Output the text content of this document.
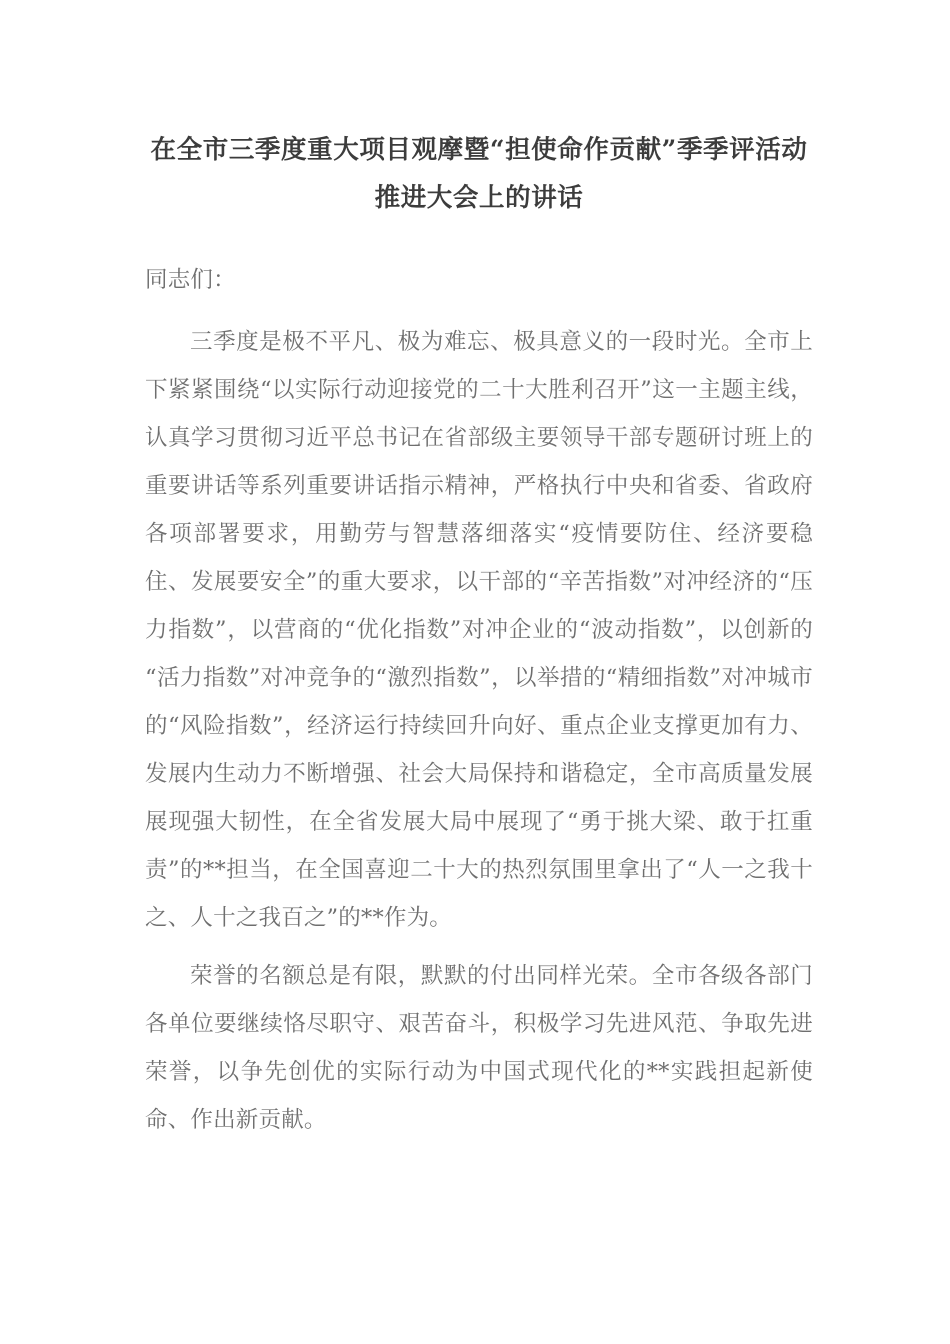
在全市三季度重大项目观摩暨“担使命作贡献”季季评活动推进大会上的讲话

同志们：

三季度是极不平凡、极为难忘、极具意义的一段时光。全市上下紧紧围绕“以实际行动迎接党的二十大胜利召开”这一主题主线，认真学习贯彻习近平总书记在省部级主要领导干部专题研讨班上的重要讲话等系列重要讲话指示精神，严格执行中央和省委、省政府各项部署要求，用勤劳与智慧落细落实“疫情要防住、经济要稳住、发展要安全”的重大要求，以干部的“辛苦指数”对冲经济的“压力指数”，以营商的“优化指数”对冲企业的“波动指数”，以创新的“活力指数”对冲竞争的“激烈指数”，以举措的“精细指数”对冲城市的“风险指数”，经济运行持续回升向好、重点企业支撑更加有力、发展内生动力不断增强、社会大局保持和谐稳定，全市高质量发展展现强大韧性，在全省发展大局中展现了“勇于挑大梁、敢于扛重责”的**担当，在全国喜迎二十大的热烈氛围里拿出了“人一之我十之、人十之我百之”的**作为。

荣誉的名额总是有限，默默的付出同样光荣。全市各级各部门各单位要继续恪尽职守、艰苦奋斗，积极学习先进风范、争取先进荣誉，以争先创优的实际行动为中国式现代化的**实践担起新使命、作出新贡献。
